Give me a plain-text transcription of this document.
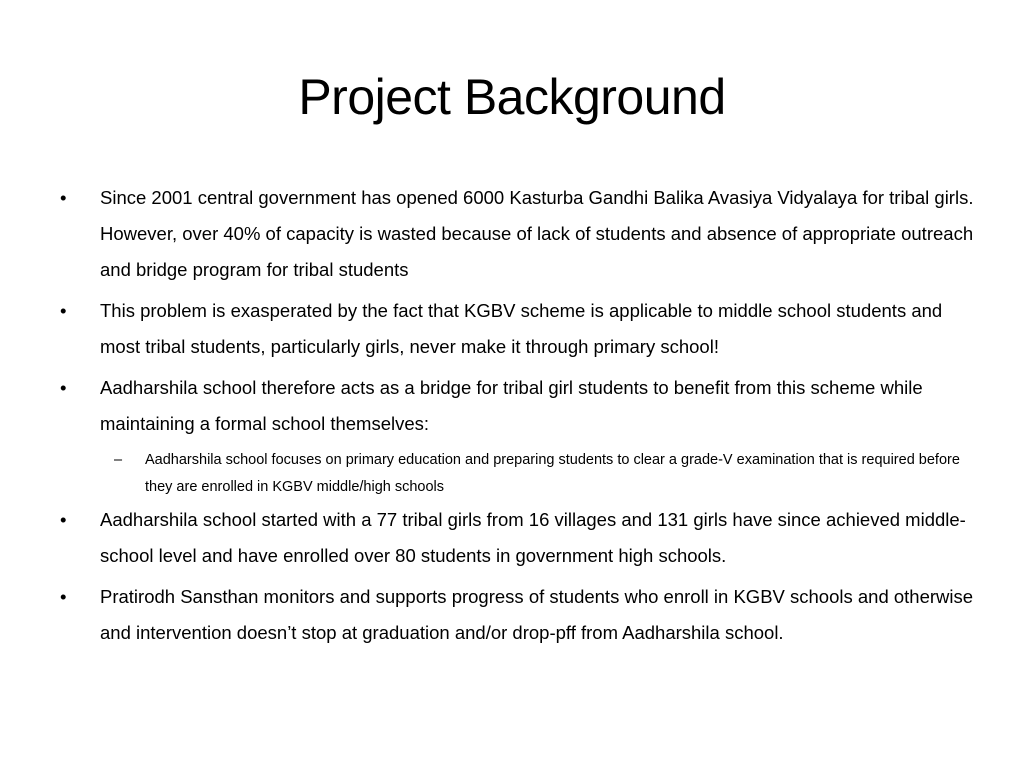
Project Background
•	Since 2001 central government has opened 6000 Kasturba Gandhi Balika Avasiya Vidyalaya for tribal girls. However, over 40% of capacity is wasted because of lack of students and absence of appropriate outreach and bridge program for tribal students
•	This problem is exasperated by the fact that KGBV scheme is applicable to middle school students and most tribal students, particularly girls, never make it through primary school!
•	Aadharshila school therefore acts as a bridge for tribal girl students to benefit from this scheme while maintaining a formal school themselves:
– Aadharshila school focuses on primary education and preparing students to clear a grade-V examination that is required before they are enrolled in KGBV middle/high schools
•	Aadharshila school started with a 77 tribal girls from 16 villages and 131 girls have since achieved middle-school level and have enrolled over 80 students in government high schools.
•	Pratirodh Sansthan monitors and supports progress of students who enroll in KGBV schools and otherwise and intervention doesn’t stop at graduation and/or drop-pff from Aadharshila school.
